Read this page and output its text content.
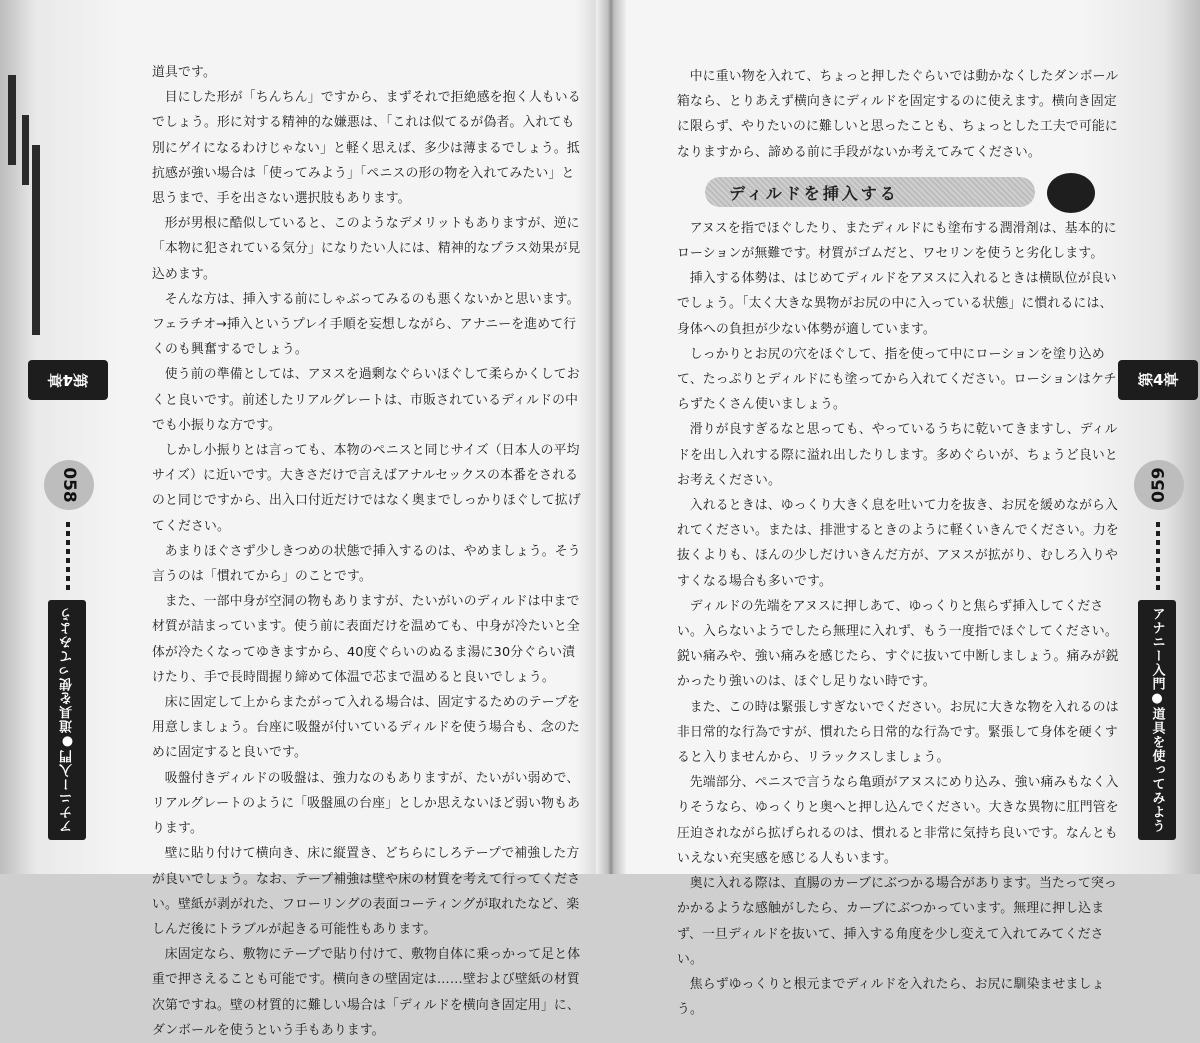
第4章
058
アナニー入門●道具を使ってみよう

道具です。

目にした形が「ちんちん」ですから、まずそれで拒絶感を抱く人もいるでしょう。形に対する精神的な嫌悪は、「これは似てるが偽者。入れても別にゲイになるわけじゃない」と軽く思えば、多少は薄まるでしょう。抵抗感が強い場合は「使ってみよう」「ペニスの形の物を入れてみたい」と思うまで、手を出さない選択肢もあります。

形が男根に酷似していると、このようなデメリットもありますが、逆に「本物に犯されている気分」になりたい人には、精神的なプラス効果が見込めます。

そんな方は、挿入する前にしゃぶってみるのも悪くないかと思います。フェラチオ→挿入というプレイ手順を妄想しながら、アナニーを進めて行くのも興奮するでしょう。

使う前の準備としては、アヌスを過剰なぐらいほぐして柔らかくしておくと良いです。前述したリアルグレートは、市販されているディルドの中でも小振りな方です。

しかし小振りとは言っても、本物のペニスと同じサイズ（日本人の平均サイズ）に近いです。大きさだけで言えばアナルセックスの本番をされるのと同じですから、出入口付近だけではなく奥までしっかりほぐして拡げてください。

あまりほぐさず少しきつめの状態で挿入するのは、やめましょう。そう言うのは「慣れてから」のことです。

また、一部中身が空洞の物もありますが、たいがいのディルドは中まで材質が詰まっています。使う前に表面だけを温めても、中身が冷たいと全体が冷たくなってゆきますから、40度ぐらいのぬるま湯に30分ぐらい漬けたり、手で長時間握り締めて体温で芯まで温めると良いでしょう。

床に固定して上からまたがって入れる場合は、固定するためのテープを用意しましょう。台座に吸盤が付いているディルドを使う場合も、念のために固定すると良いです。

吸盤付きディルドの吸盤は、強力なのもありますが、たいがい弱めで、リアルグレートのように「吸盤風の台座」としか思えないほど弱い物もあります。

壁に貼り付けて横向き、床に縦置き、どちらにしろテープで補強した方が良いでしょう。なお、テープ補強は壁や床の材質を考えて行ってください。壁紙が剥がれた、フローリングの表面コーティングが取れたなど、楽しんだ後にトラブルが起きる可能性もあります。

床固定なら、敷物にテープで貼り付けて、敷物自体に乗っかって足と体重で押さえることも可能です。横向きの壁固定は……壁および壁紙の材質次第ですね。壁の材質的に難しい場合は「ディルドを横向き固定用」に、ダンボールを使うという手もあります。

中に重い物を入れて、ちょっと押したぐらいでは動かなくしたダンボール箱なら、とりあえず横向きにディルドを固定するのに使えます。横向き固定に限らず、やりたいのに難しいと思ったことも、ちょっとした工夫で可能になりますから、諦める前に手段がないか考えてみてください。

ディルドを挿入する

アヌスを指でほぐしたり、またディルドにも塗布する潤滑剤は、基本的にローションが無難です。材質がゴムだと、ワセリンを使うと劣化します。

挿入する体勢は、はじめてディルドをアヌスに入れるときは横臥位が良いでしょう。「太く大きな異物がお尻の中に入っている状態」に慣れるには、身体への負担が少ない体勢が適しています。

しっかりとお尻の穴をほぐして、指を使って中にローションを塗り込めて、たっぷりとディルドにも塗ってから入れてください。ローションはケチらずたくさん使いましょう。

滑りが良すぎるなと思っても、やっているうちに乾いてきますし、ディルドを出し入れする際に溢れ出したりします。多めぐらいが、ちょうど良いとお考えください。

入れるときは、ゆっくり大きく息を吐いて力を抜き、お尻を緩めながら入れてください。または、排泄するときのように軽くいきんでください。力を抜くよりも、ほんの少しだけいきんだ方が、アヌスが拡がり、むしろ入りやすくなる場合も多いです。

ディルドの先端をアヌスに押しあて、ゆっくりと焦らず挿入してください。入らないようでしたら無理に入れず、もう一度指でほぐしてください。鋭い痛みや、強い痛みを感じたら、すぐに抜いて中断しましょう。痛みが鋭かったり強いのは、ほぐし足りない時です。

また、この時は緊張しすぎないでください。お尻に大きな物を入れるのは非日常的な行為ですが、慣れたら日常的な行為です。緊張して身体を硬くすると入りませんから、リラックスしましょう。

先端部分、ペニスで言うなら亀頭がアヌスにめり込み、強い痛みもなく入りそうなら、ゆっくりと奥へと押し込んでください。大きな異物に肛門管を圧迫されながら拡げられるのは、慣れると非常に気持ち良いです。なんともいえない充実感を感じる人もいます。

奥に入れる際は、直腸のカーブにぶつかる場合があります。当たって突っかかるような感触がしたら、カーブにぶつかっています。無理に押し込まず、一旦ディルドを抜いて、挿入する角度を少し変えて入れてみてください。

焦らずゆっくりと根元までディルドを入れたら、お尻に馴染ませましょう。

第4章
059
アナニー入門●道具を使ってみよう
